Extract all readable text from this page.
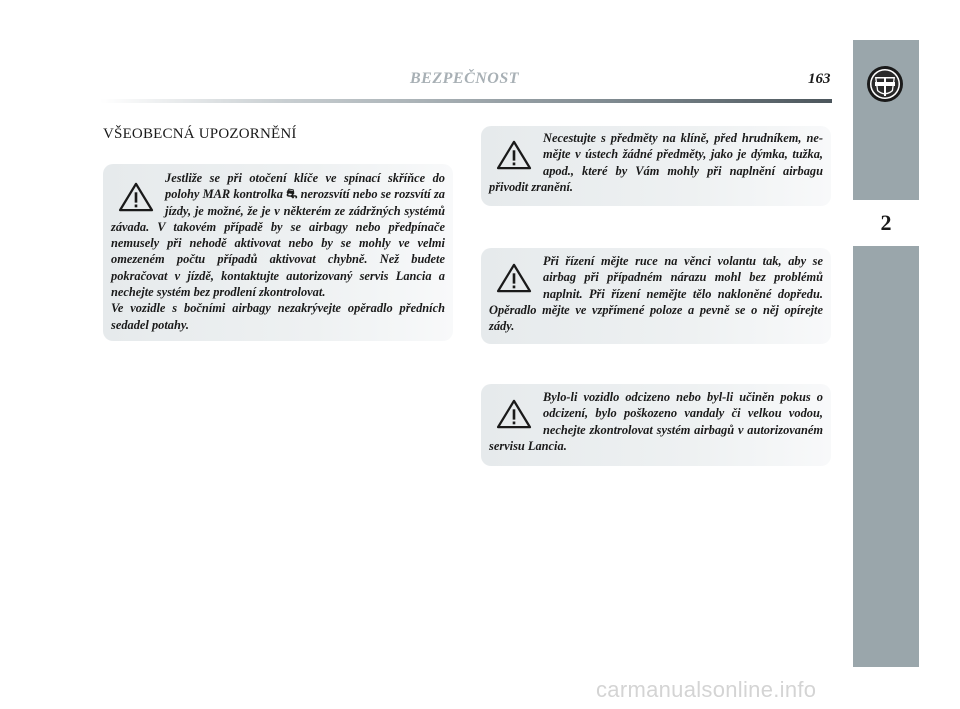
2
BEZPEČNOST	163
VŠEOBECNÁ UPOZORNĚNÍ

Jestliže se při otočení klíče ve spínací skříňce do polohy MAR kontrolka ⛐ nerozsvítí nebo se rozsvítí za jízdy, je možné, že je v některém ze zádržných systémů závada. V takovém případě by se airbagy nebo předpínače nemusely při nehodě aktivovat nebo by se mohly ve velmi omezeném počtu případů aktivovat chybně. Než budete pokračovat v jízdě, kontaktujte autorizovaný servis Lancia a nechejte systém bez prodlení zkontrolovat.

Ve vozidle s bočními airbagy nezakrývejte opěradlo předních sedadel potahy.

Necestujte s předměty na klíně, před hrudníkem, ne-mějte v ústech žádné předměty, jako je dýmka, tužka, apod., které by Vám mohly při naplnění airbagu přivodit zranění.

Při řízení mějte ruce na věnci volantu tak, aby se airbag při případném nárazu mohl bez problémů naplnit. Při řízení nemějte tělo nakloněné dopředu. Opěradlo mějte ve vzpřímené poloze a pevně se o něj opírejte zády.

Bylo-li vozidlo odcizeno nebo byl-li učiněn pokus o odcizení, bylo poškozeno vandaly či velkou vodou, nechejte zkontrolovat systém airbagů v autorizovaném servisu Lancia.

carmanualsonline.info
